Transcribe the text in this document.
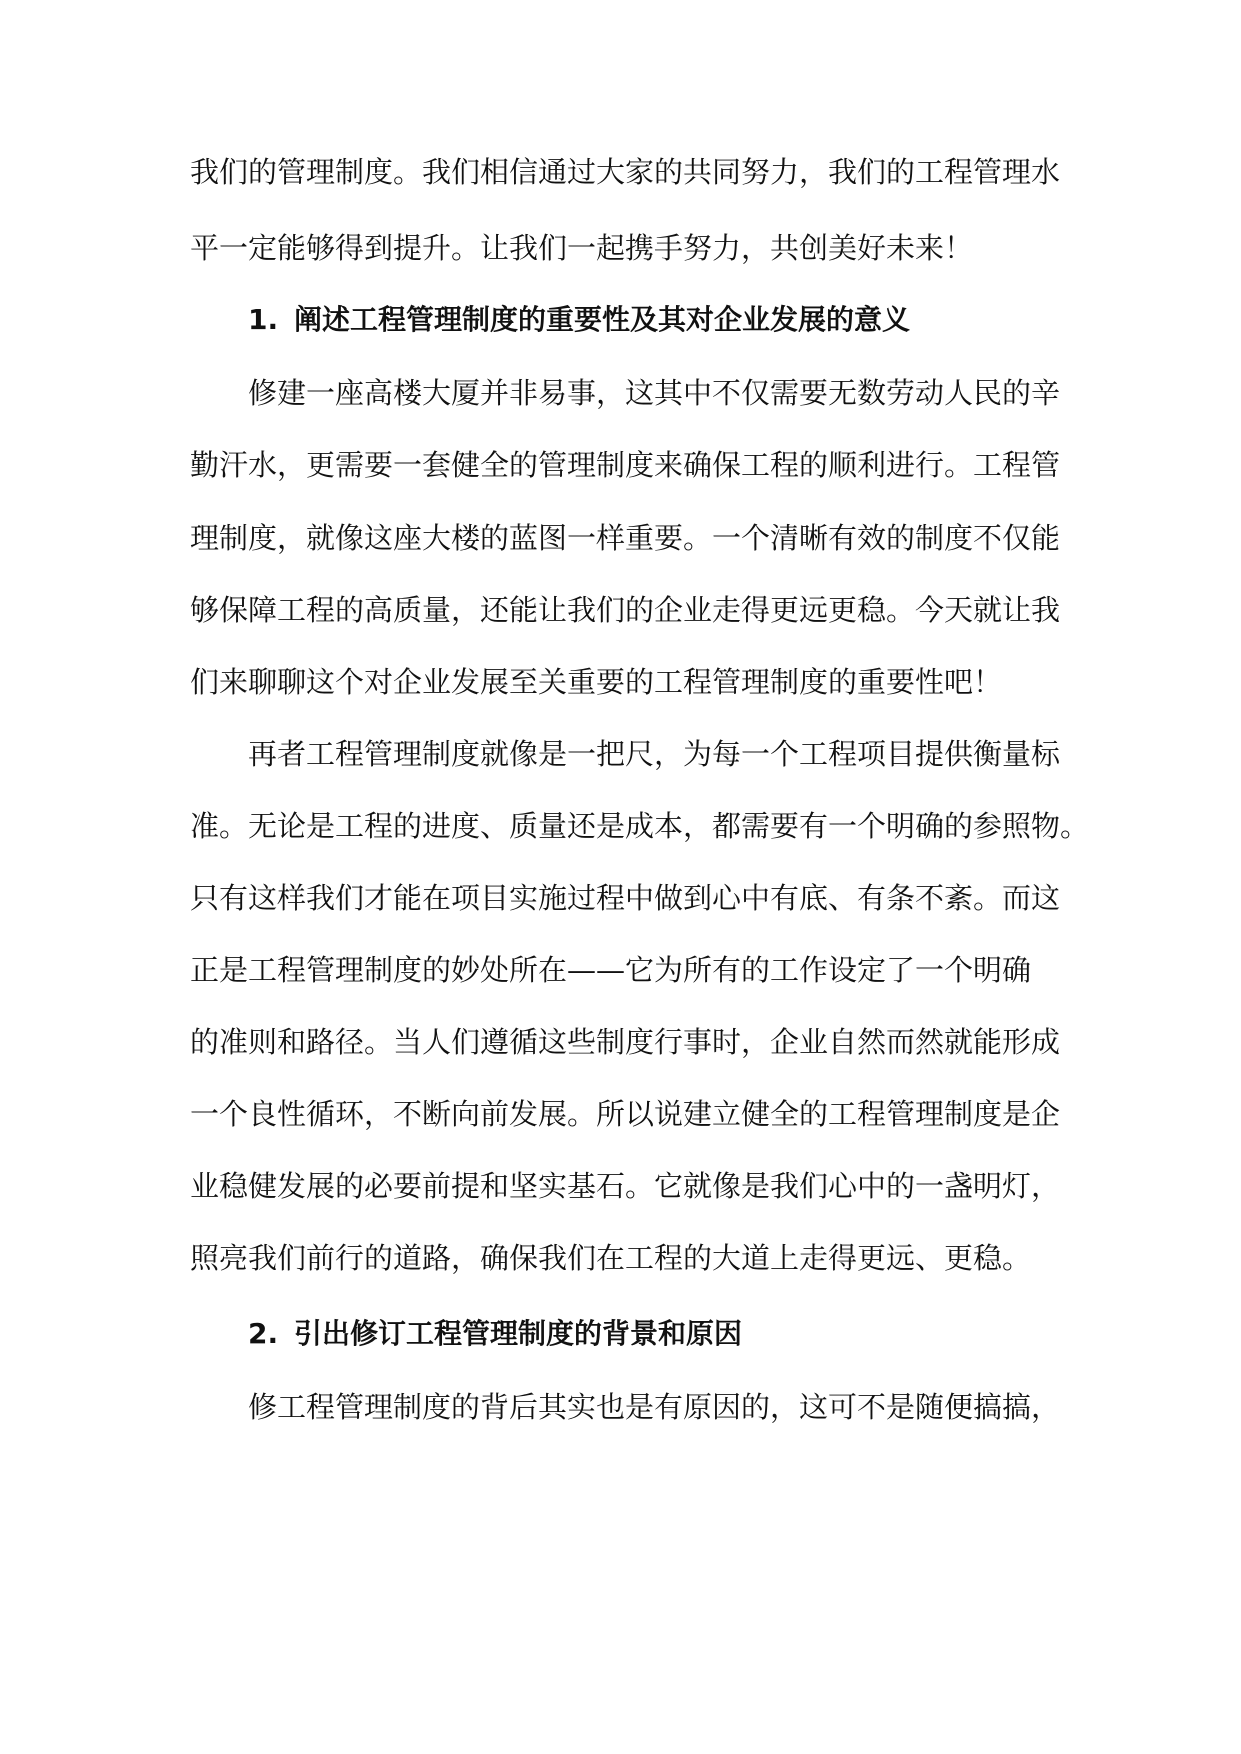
我们的管理制度。我们相信通过大家的共同努力，我们的工程管理水
平一定能够得到提升。让我们一起携手努力，共创美好未来！
1. 阐述工程管理制度的重要性及其对企业发展的意义
修建一座高楼大厦并非易事，这其中不仅需要无数劳动人民的辛
勤汗水，更需要一套健全的管理制度来确保工程的顺利进行。工程管
理制度，就像这座大楼的蓝图一样重要。一个清晰有效的制度不仅能
够保障工程的高质量，还能让我们的企业走得更远更稳。今天就让我
们来聊聊这个对企业发展至关重要的工程管理制度的重要性吧！
再者工程管理制度就像是一把尺，为每一个工程项目提供衡量标
准。无论是工程的进度、质量还是成本，都需要有一个明确的参照物。
只有这样我们才能在项目实施过程中做到心中有底、有条不紊。而这
正是工程管理制度的妙处所在——它为所有的工作设定了一个明确
的准则和路径。当人们遵循这些制度行事时，企业自然而然就能形成
一个良性循环，不断向前发展。所以说建立健全的工程管理制度是企
业稳健发展的必要前提和坚实基石。它就像是我们心中的一盏明灯，
照亮我们前行的道路，确保我们在工程的大道上走得更远、更稳。
2. 引出修订工程管理制度的背景和原因
修工程管理制度的背后其实也是有原因的，这可不是随便搞搞，
